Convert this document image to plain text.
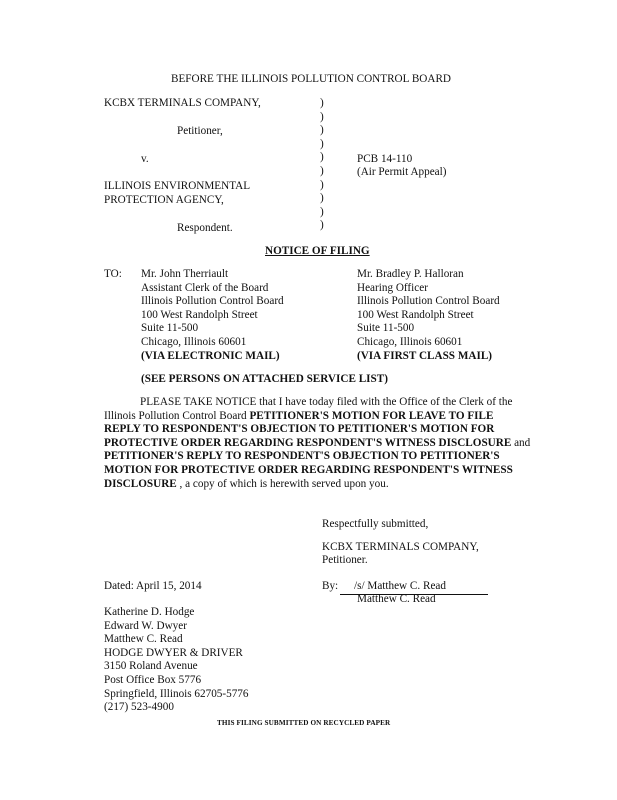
BEFORE THE ILLINOIS POLLUTION CONTROL BOARD
KCBX TERMINALS COMPANY,
Petitioner,
v.
ILLINOIS ENVIRONMENTAL
PROTECTION AGENCY,
Respondent.
)
)
)
)
)
)
)
)
)
)
PCB 14-110
(Air Permit Appeal)
NOTICE OF FILING
TO: Mr. John Therriault
Assistant Clerk of the Board
Illinois Pollution Control Board
100 West Randolph Street
Suite 11-500
Chicago, Illinois 60601
(VIA ELECTRONIC MAIL)
Mr. Bradley P. Halloran
Hearing Officer
Illinois Pollution Control Board
100 West Randolph Street
Suite 11-500
Chicago, Illinois 60601
(VIA FIRST CLASS MAIL)
(SEE PERSONS ON ATTACHED SERVICE LIST)
PLEASE TAKE NOTICE that I have today filed with the Office of the Clerk of the Illinois Pollution Control Board PETITIONER'S MOTION FOR LEAVE TO FILE REPLY TO RESPONDENT'S OBJECTION TO PETITIONER'S MOTION FOR PROTECTIVE ORDER REGARDING RESPONDENT'S WITNESS DISCLOSURE and PETITIONER'S REPLY TO RESPONDENT'S OBJECTION TO PETITIONER'S MOTION FOR PROTECTIVE ORDER REGARDING RESPONDENT'S WITNESS DISCLOSURE , a copy of which is herewith served upon you.
Respectfully submitted,
KCBX TERMINALS COMPANY,
Petitioner.
Dated: April 15, 2014	By:	/s/ Matthew C. Read
Matthew C. Read
Katherine D. Hodge
Edward W. Dwyer
Matthew C. Read
HODGE DWYER & DRIVER
3150 Roland Avenue
Post Office Box 5776
Springfield, Illinois 62705-5776
(217) 523-4900
THIS FILING SUBMITTED ON RECYCLED PAPER
